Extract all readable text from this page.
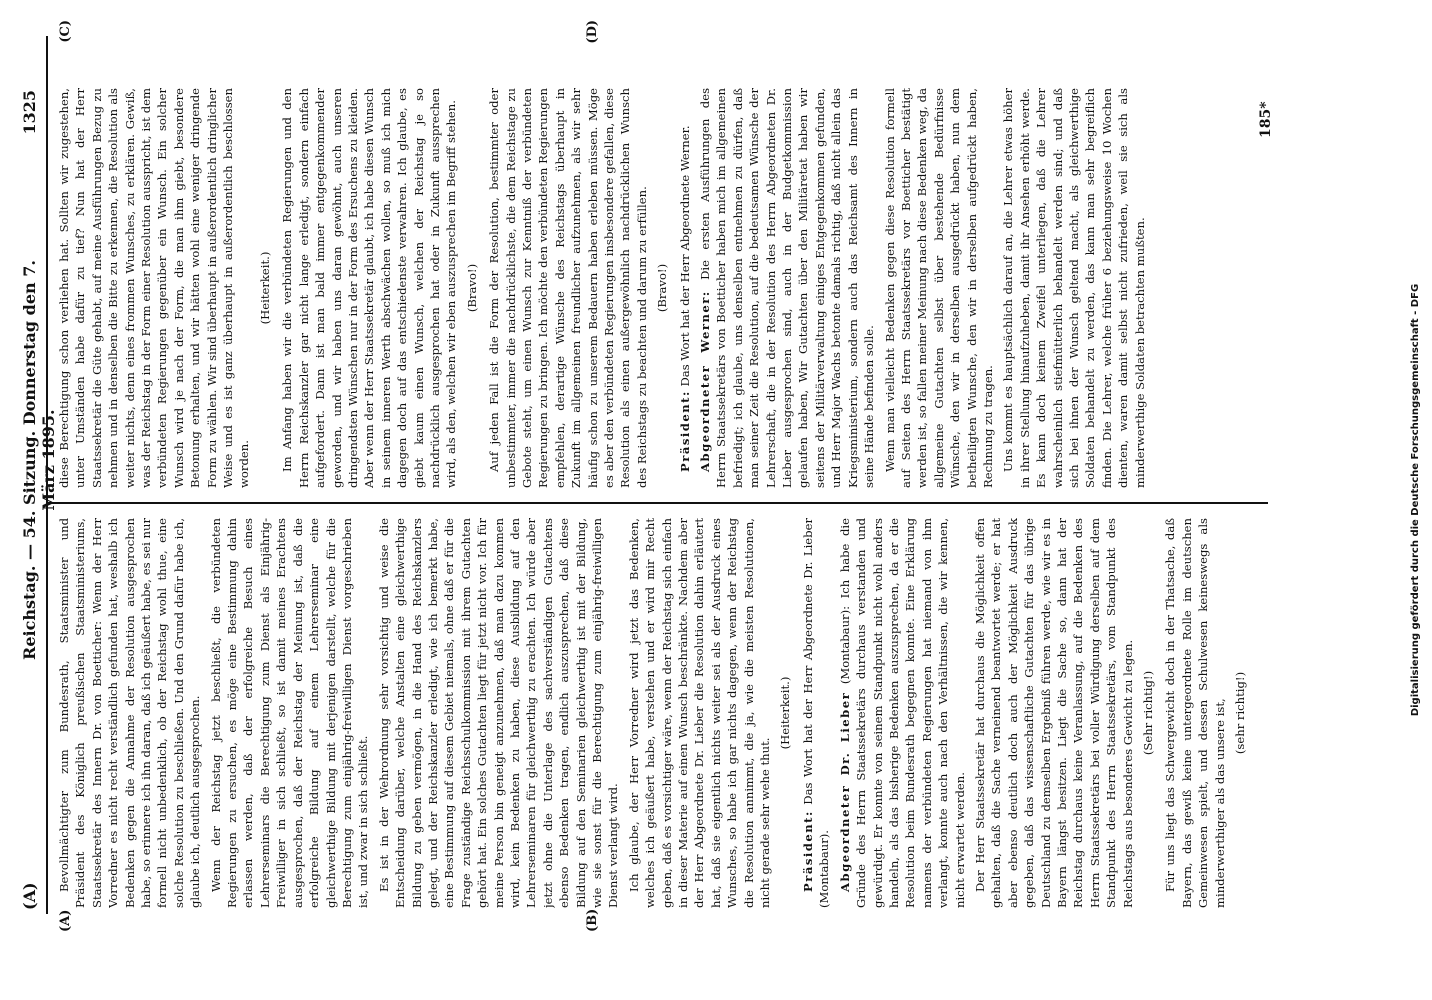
(A)
Reichstag. — 54. Sitzung. Donnerstag den 7. März 1895.
1325
(A)	(B)
(C)	(D)

Bevollmächtigter zum Bundesrath, Staatsminister und Präsident des Königlich preußischen Staatsministeriums, Staatssekretär des Innern Dr. von Boetticher: Wenn der Herr Vorredner es nicht recht verständlich gefunden hat, weshalb ich Bedenken gegen die Annahme der Resolution ausgesprochen habe, so erinnere ich ihn daran, daß ich geäußert habe, es sei nur formell nicht unbedenklich, ob der Reichstag wohl thue, eine solche Resolution zu beschließen. Und den Grund dafür habe ich, glaube ich, deutlich ausgesprochen. Wenn der Reichstag jetzt beschließt, die verbündeten Regierungen zu ersuchen, es möge eine Bestimmung dahin erlassen werden, daß der erfolgreiche Besuch eines Lehrerseminars die Berechtigung zum Dienst als Einjährig-Freiwilliger in sich schließt, so ist damit meines Erachtens ausgesprochen, daß der Reichstag der Meinung ist, daß die erfolgreiche Bildung auf einem Lehrerseminar eine gleichwerthige Bildung mit derjenigen darstellt, welche für die Berechtigung zum einjährig-freiwilligen Dienst vorgeschrieben ist, und zwar in sich schließt. Es ist in der Wehrordnung sehr vorsichtig und weise die Entscheidung darüber, welche Anstalten eine gleichwerthige Bildung zu geben vermögen, in die Hand des Reichskanzlers gelegt, und der Reichskanzler erledigt, wie ich bemerkt habe, eine Bestimmung auf diesem Gebiet niemals, ohne daß er für die Frage zuständige Reichsschulkommission mit ihrem Gutachten gehört hat. Ein solches Gutachten liegt für jetzt nicht vor. Ich für meine Person bin geneigt anzunehmen, daß man dazu kommen wird, kein Bedenken zu haben, diese Ausbildung auf den Lehrerseminaren für gleichwerthig zu erachten. Ich würde aber jetzt ohne die Unterlage des sachverständigen Gutachtens ebenso Bedenken tragen, endlich auszusprechen, daß diese Bildung auf den Seminarien gleichwerthig ist mit der Bildung, wie sie sonst für die Berechtigung zum einjährig-freiwilligen Dienst verlangt wird. Ich glaube, der Herr Vorredner wird jetzt das Bedenken, welches ich geäußert habe, verstehen und er wird mir Recht geben, daß es vorsichtiger wäre, wenn der Reichstag sich einfach in dieser Materie auf einen Wunsch beschränkte. Nachdem aber der Herr Abgeordnete Dr. Lieber die Resolution dahin erläutert hat, daß sie eigentlich nichts weiter sei als der Ausdruck eines Wunsches, so habe ich gar nichts dagegen, wenn der Reichstag die Resolution annimmt, die ja, wie die meisten Resolutionen, nicht gerade sehr wehe thut.

(Heiterkeit.)

Präsident: Das Wort hat der Herr Abgeordnete Dr. Lieber (Montabaur). Abgeordneter Dr. Lieber (Montabaur): Ich habe die Gründe des Herrn Staatssekretärs durchaus verstanden und gewürdigt. Er konnte von seinem Standpunkt nicht wohl anders handeln, als das bisherige Bedenken auszusprechen, da er die Resolution beim Bundesrath begegnen konnte. Eine Erklärung namens der verbündeten Regierungen hat niemand von ihm verlangt, konnte auch nach den Verhältnissen, die wir kennen, nicht erwartet werden. Der Herr Staatssekretär hat durchaus die Möglichkeit offen gehalten, daß die Sache verneinend beantwortet werde; er hat aber ebenso deutlich doch auch der Möglichkeit Ausdruck gegeben, daß das wissenschaftliche Gutachten für das übrige Deutschland zu demselben Ergebniß führen werde, wie wir es in Bayern längst besitzen. Liegt die Sache so, dann hat der Reichstag durchaus keine Veranlassung, auf die Bedenken des Herrn Staatssekretärs bei voller Würdigung derselben auf dem Standpunkt des Herrn Staatssekretärs, vom Standpunkt des Reichstags aus besonderes Gewicht zu legen. (Sehr richtig!) Für uns liegt das Schwergewicht doch in der Thatsache, daß Bayern, das gewiß keine untergeordnete Rolle im deutschen Gemeinwesen spielt, und dessen Schulwesen keineswegs als minderwerthiger als das unsere ist, (sehr richtig!)

diese Berechtigung schon verliehen hat. Sollten wir zugestehen, unter Umständen habe dafür zu tief? Nun hat der Herr Staatssekretär die Güte gehabt, auf meine Ausführungen Bezug zu nehmen und in denselben die Bitte zu erkennen, die Resolution als weiter nichts, denn eines frommen Wunsches, zu erklären. Gewiß, was der Reichstag in der Form einer Resolution ausspricht, ist dem verbündeten Regierungen gegenüber ein Wunsch. Ein solcher Wunsch wird je nach der Form, die man ihm giebt, besondere Betonung erhalten, und wir hätten wohl eine weniger dringende Form zu wählen. Wir sind überhaupt in außerordentlich dringlicher Weise und es ist ganz überhaupt in außerordentlich beschlossen worden.

(Heiterkeit.) Im Anfang haben wir die verbündeten Regierungen und den Herrn Reichskanzler gar nicht lange erledigt, sondern einfach aufgefordert. Dann ist man bald immer entgegenkommender geworden, und wir haben uns daran gewöhnt, auch unseren dringendsten Wünschen nur in der Form des Ersuchens zu kleiden. Aber wenn der Herr Staatssekretär glaubt, ich habe diesen Wunsch in seinem inneren Werth abschwächen wollen, so muß ich mich dagegen doch auf das entschiedenste verwahren. Ich glaube, es giebt kaum einen Wunsch, welchen der Reichstag je so nachdrücklich ausgesprochen hat oder in Zukunft aussprechen wird, als den, welchen wir eben auszusprechen im Begriff stehen. (Bravo!) Auf jeden Fall ist die Form der Resolution, bestimmter oder unbestimmter, immer die nachdrücklichste, die dem Reichstage zu Gebote steht, um einen Wunsch zur Kenntniß der verbündeten Regierungen zu bringen. Ich möchte den verbündeten Regierungen empfehlen, derartige Wünsche des Reichstags überhaupt in Zukunft im allgemeinen freundlicher aufzunehmen, als wir sehr häufig schon zu unserem Bedauern haben erleben müssen. Möge es aber den verbündeten Regierungen insbesondere gefallen, diese Resolution als einen außergewöhnlich nachdrücklichen Wunsch des Reichstags zu beachten und darum zu erfüllen. (Bravo!)

Präsident: Das Wort hat der Herr Abgeordnete Werner. Abgeordneter Werner: Die ersten Ausführungen des Herrn Staatssekretärs von Boetticher haben mich im allgemeinen befriedigt; ich glaube, uns denselben entnehmen zu dürfen, daß man seiner Zeit die Resolution, auf die bedeutsamen Wünsche der Lehrerschaft, die in der Resolution des Herrn Abgeordneten Dr. Lieber ausgesprochen sind, auch in der Budgetkommission gelaufen haben, Wir Gutachten über den Militäretat haben wir seitens der Militärverwaltung einiges Entgegenkommen gefunden, und Herr Major Wachs betonte damals richtig, daß nicht allein das Kriegsministerium, sondern auch das Reichsamt des Innern in seine Hände befinden solle. Wenn man vielleicht Bedenken gegen diese Resolution formell auf Seiten des Herrn Staatssekretärs vor Boetticher bestätigt werden ist, so fallen meiner Meinung nach diese Bedenken weg, da allgemeine Gutachten selbst über bestehende Bedürfnisse Wünsche, den wir in derselben ausgedrückt haben, nun dem betheiligten Wunsche, den wir in derselben aufgedrückt haben, Rechnung zu tragen. Uns kommt es hauptsächlich darauf an, die Lehrer etwas höher in ihrer Stellung hinaufzuheben, damit ihr Ansehen erhöht werde. Es kann doch keinem Zweifel unterliegen, daß die Lehrer wahrscheinlich stiefmütterlich behandelt werden sind; und daß sich bei ihnen der Wunsch geltend macht, als gleichwerthige Soldaten behandelt zu werden, das kann man sehr begreiflich finden. Die Lehrer, welche früher 6 beziehungsweise 10 Wochen dienten, waren damit selbst nicht zufrieden, weil sie sich als minderwerthige Soldaten betrachten mußten.

185*
Digitalisierung gefördert durch die Deutsche Forschungsgemeinschaft - DFG
